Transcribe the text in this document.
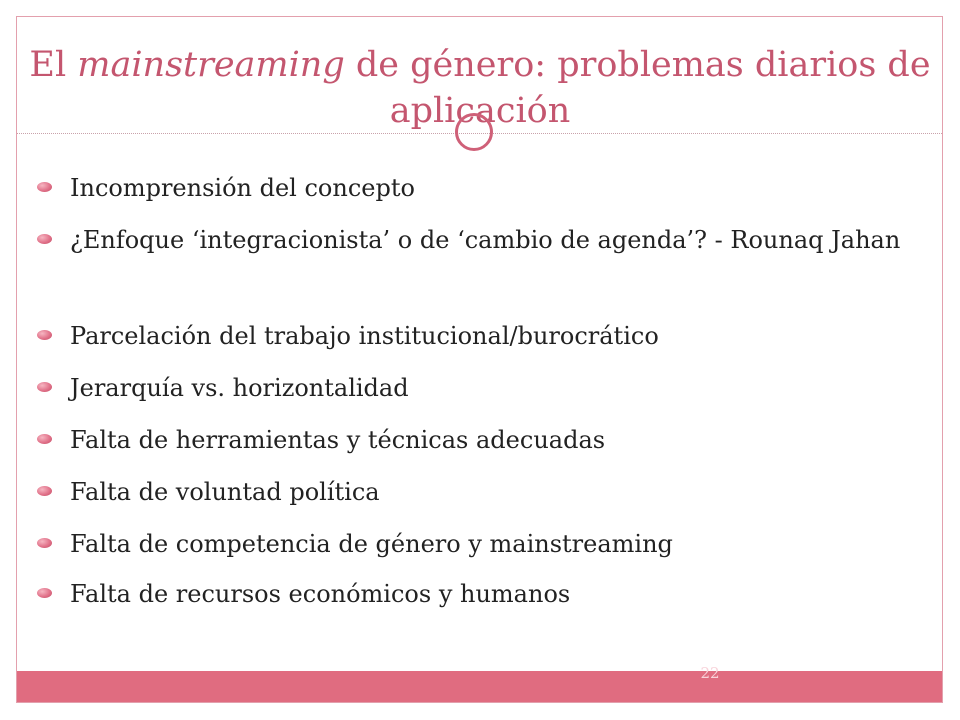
El mainstreaming de género: problemas diarios de aplicación
Incomprensión del concepto
¿Enfoque ‘integracionista’ o de ‘cambio de agenda’? - Rounaq Jahan
Parcelación del trabajo institucional/burocrático
Jerarquía vs. horizontalidad
Falta de herramientas y técnicas adecuadas
Falta de voluntad política
Falta de competencia de género y mainstreaming
Falta de recursos económicos y humanos
22
